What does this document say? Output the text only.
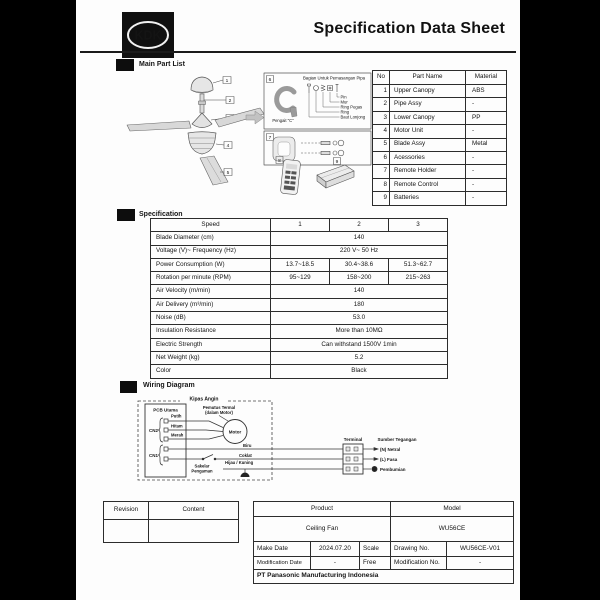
KDK	Specification Data Sheet
Main Part List
1
2
4
5
6	Bagian Untuk Pemasangan Pipa
Pengait "C"
Pin
Mur
Ring Pegas
Ring
Baut Lonjong
7
8	9
No	Part Name	Material
1	Upper Canopy	ABS
2	Pipe Assy	-
3	Lower Canopy	PP
4	Motor Unit	-
5	Blade Assy	Metal
6	Acessories	-
7	Remote Holder	-
8	Remote Control	-
9	Batteries	-
Specification
Speed	1	2	3
Blade Diameter (cm)	140		
Voltage (V)~ Frequency (Hz)	220 V~ 50 Hz		
Power Consumption (W)	13.7~18.5	30.4~38.6	51.3~62.7
Rotation per minute (RPM)	95~129	158~200	215~263
Air Velocity (m/min)	140		
Air Delivery (m³/min)	180		
Noise (dB)	53.0		
Insulation Resistance	More than 10MΩ		
Electric Strength	Can withstand 1500V 1min		
Net Weight (kg)	5.2		
Color	Black		
Wiring Diagram
Kipas Angin
PCB Utama
CN2
Putih
Hitam
Merah
Pemutus Termal
(dalam Motor)
Motor
CN1
Biru
Coklat
Sakelar
Pengaman
Hijau / Kuning
Terminal	Sumber Tegangan
(N) Netral
(L) Fasa
Pembumian
Revision	Content
		Product			Model	
Ceiling Fan			WU56CE	
Make Date	2024.07.20	Scale	Drawing No.	WU56CE-V01
Modification Date	-	Free	Modification No.	-
PT Panasonic Manufacturing Indonesia				
